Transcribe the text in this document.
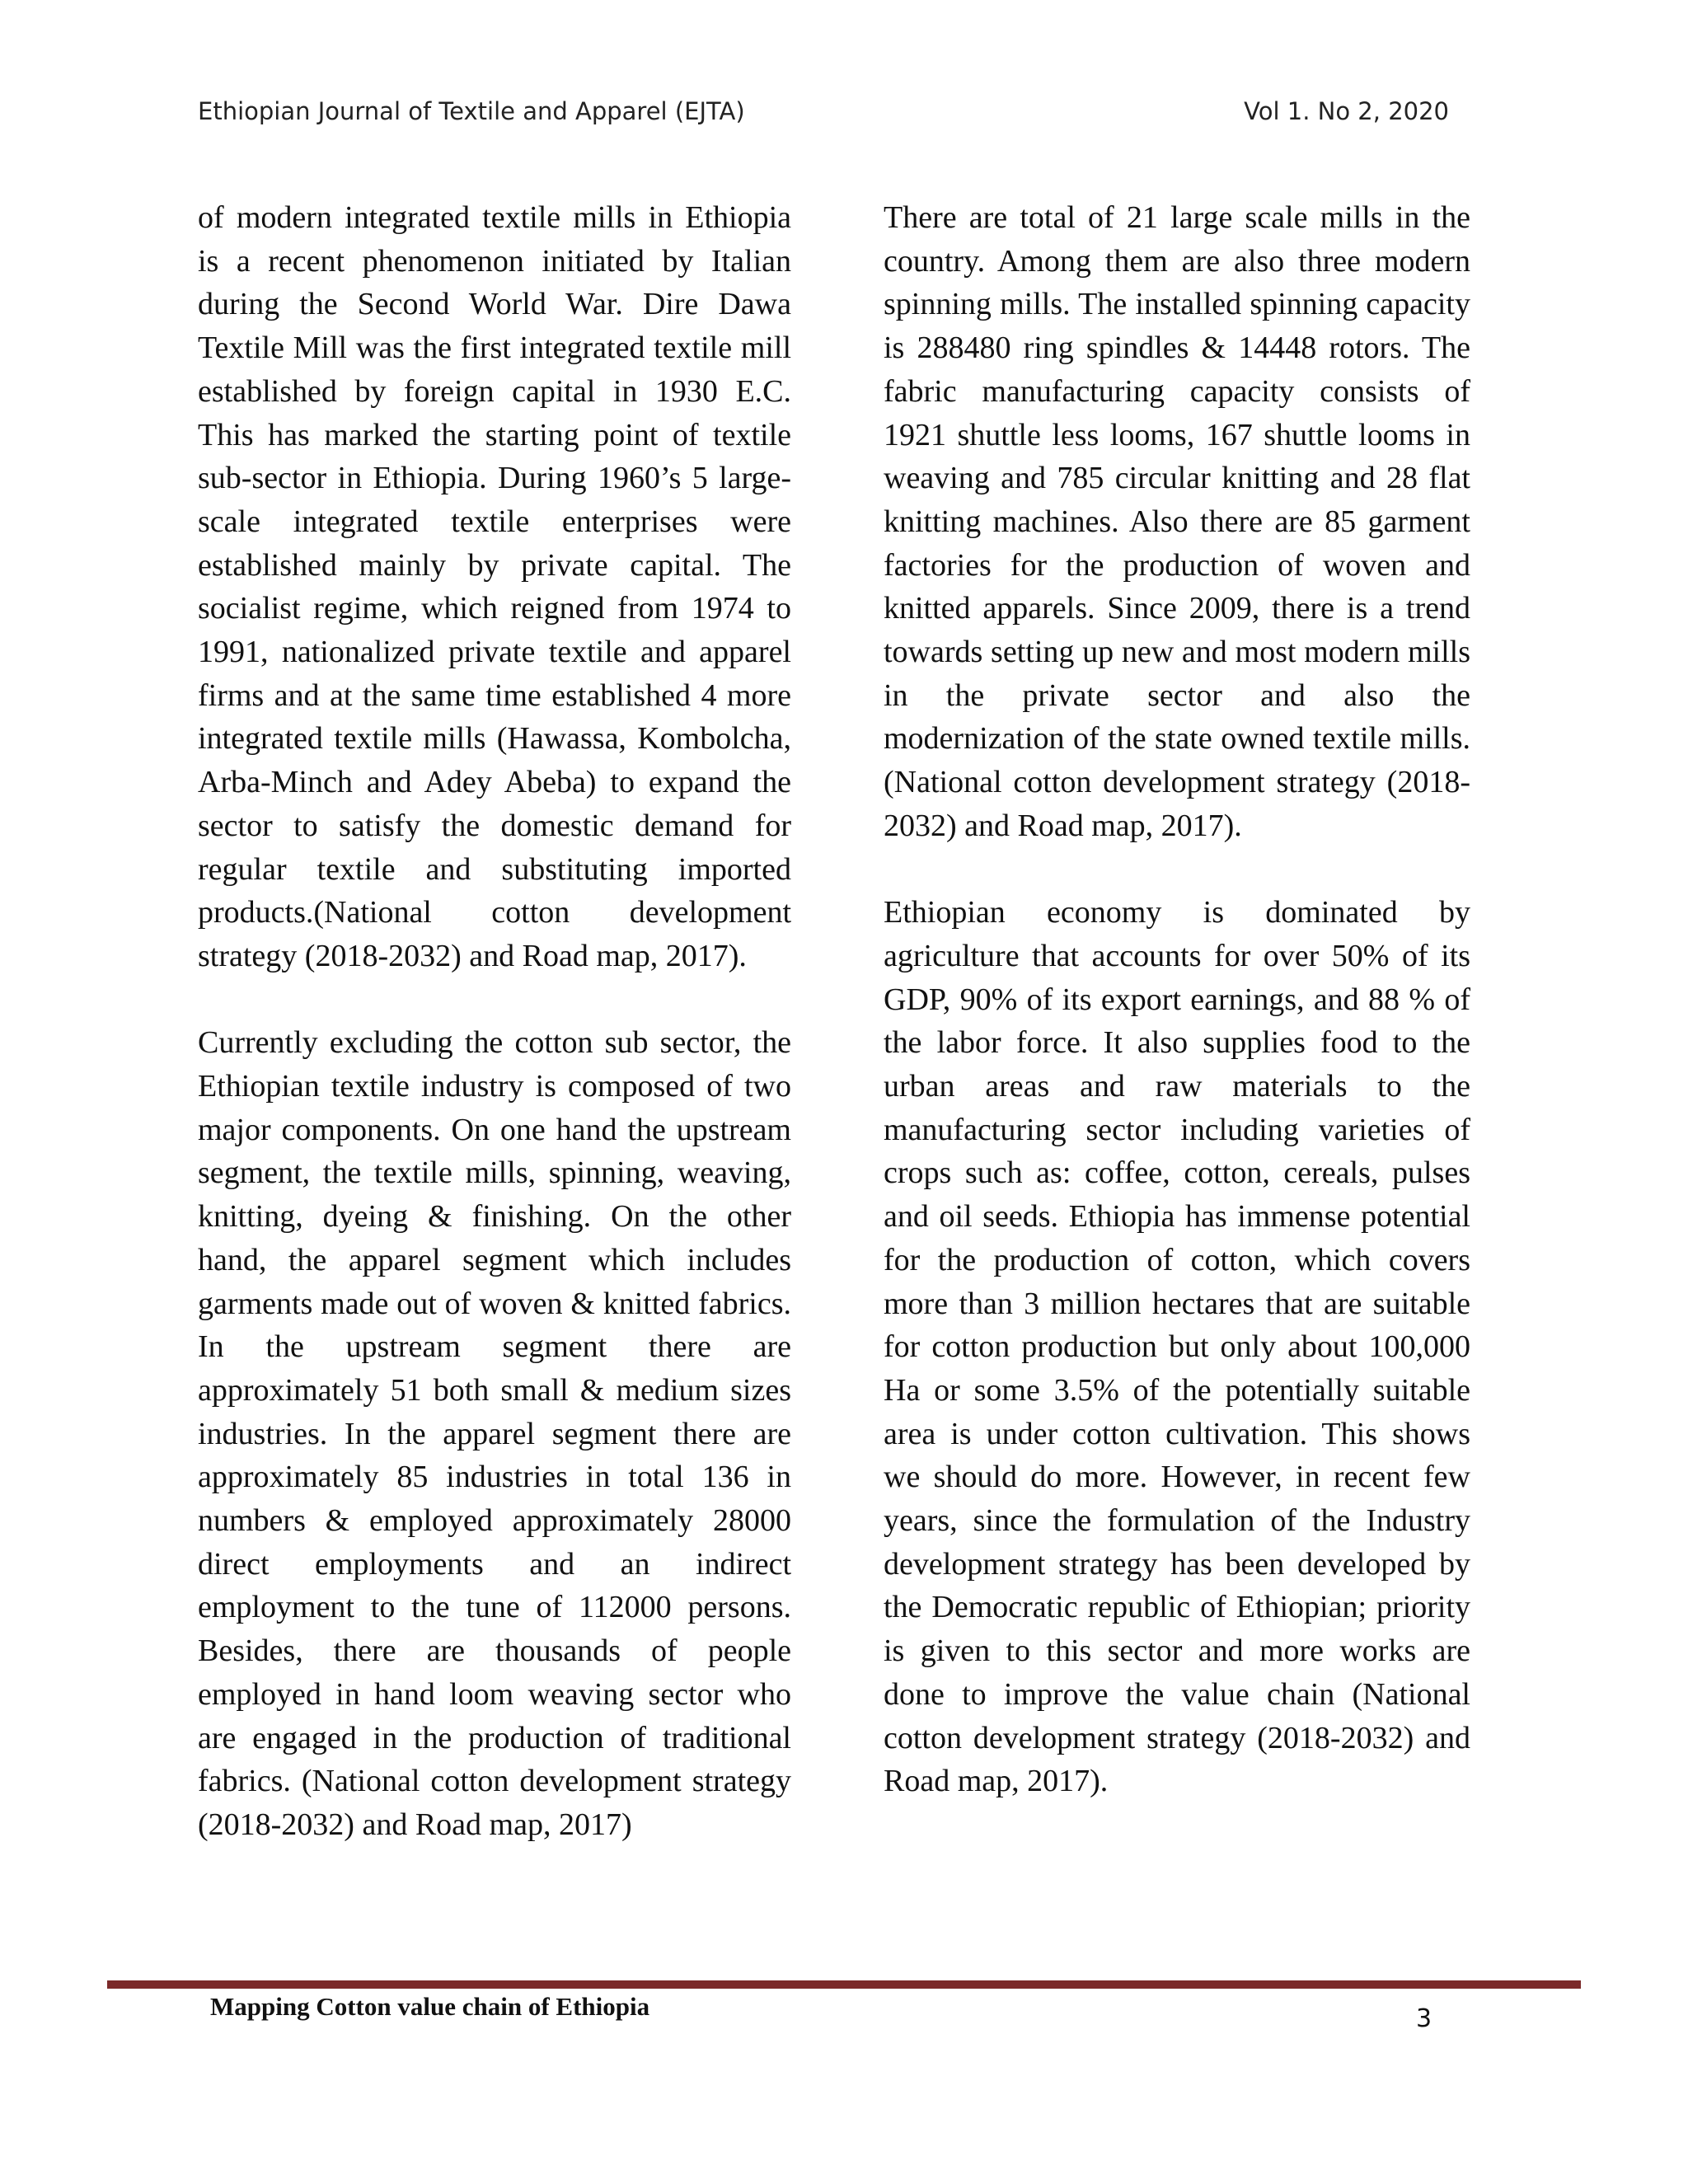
Ethiopian Journal of Textile and Apparel (EJTA)	Vol 1. No 2, 2020

of modern integrated textile mills in Ethiopia is a recent phenomenon initiated by Italian during the Second World War. Dire Dawa Textile Mill was the first integrated textile mill established by foreign capital in 1930 E.C. This has marked the starting point of textile sub-sector in Ethiopia. During 1960’s 5 large- scale integrated textile enterprises were established mainly by private capital. The socialist regime, which reigned from 1974 to 1991, nationalized private textile and apparel firms and at the same time established 4 more integrated textile mills (Hawassa, Kombolcha, Arba-Minch and Adey Abeba) to expand the sector to satisfy the domestic demand for regular textile and substituting imported products.(National cotton development strategy (2018-2032) and Road map, 2017).

Currently excluding the cotton sub sector, the Ethiopian textile industry is composed of two major components. On one hand the upstream segment, the textile mills, spinning, weaving, knitting, dyeing & finishing. On the other hand, the apparel segment which includes garments made out of woven & knitted fabrics. In the upstream segment there are approximately 51 both small & medium sizes industries. In the apparel segment there are approximately 85 industries in total 136 in numbers & employed approximately 28000 direct employments and an indirect employment to the tune of 112000 persons. Besides, there are thousands of people employed in hand loom weaving sector who are engaged in the production of traditional fabrics. (National cotton development strategy (2018-2032) and Road map, 2017)

There are total of 21 large scale mills in the country. Among them are also three modern spinning mills. The installed spinning capacity is 288480 ring spindles & 14448 rotors. The fabric manufacturing capacity consists of 1921 shuttle less looms, 167 shuttle looms in weaving and 785 circular knitting and 28 flat knitting machines. Also there are 85 garment factories for the production of woven and knitted apparels. Since 2009, there is a trend towards setting up new and most modern mills in the private sector and also the modernization of the state owned textile mills. (National cotton development strategy (2018-2032) and Road map, 2017).

Ethiopian economy is dominated by agriculture that accounts for over 50% of its GDP, 90% of its export earnings, and 88 % of the labor force. It also supplies food to the urban areas and raw materials to the manufacturing sector including varieties of crops such as: coffee, cotton, cereals, pulses and oil seeds. Ethiopia has immense potential for the production of cotton, which covers more than 3 million hectares that are suitable for cotton production but only about 100,000 Ha or some 3.5% of the potentially suitable area is under cotton cultivation. This shows we should do more. However, in recent few years, since the formulation of the Industry development strategy has been developed by the Democratic republic of Ethiopian; priority is given to this sector and more works are done to improve the value chain (National cotton development strategy (2018-2032) and Road map, 2017).

Mapping Cotton value chain of Ethiopia	3
